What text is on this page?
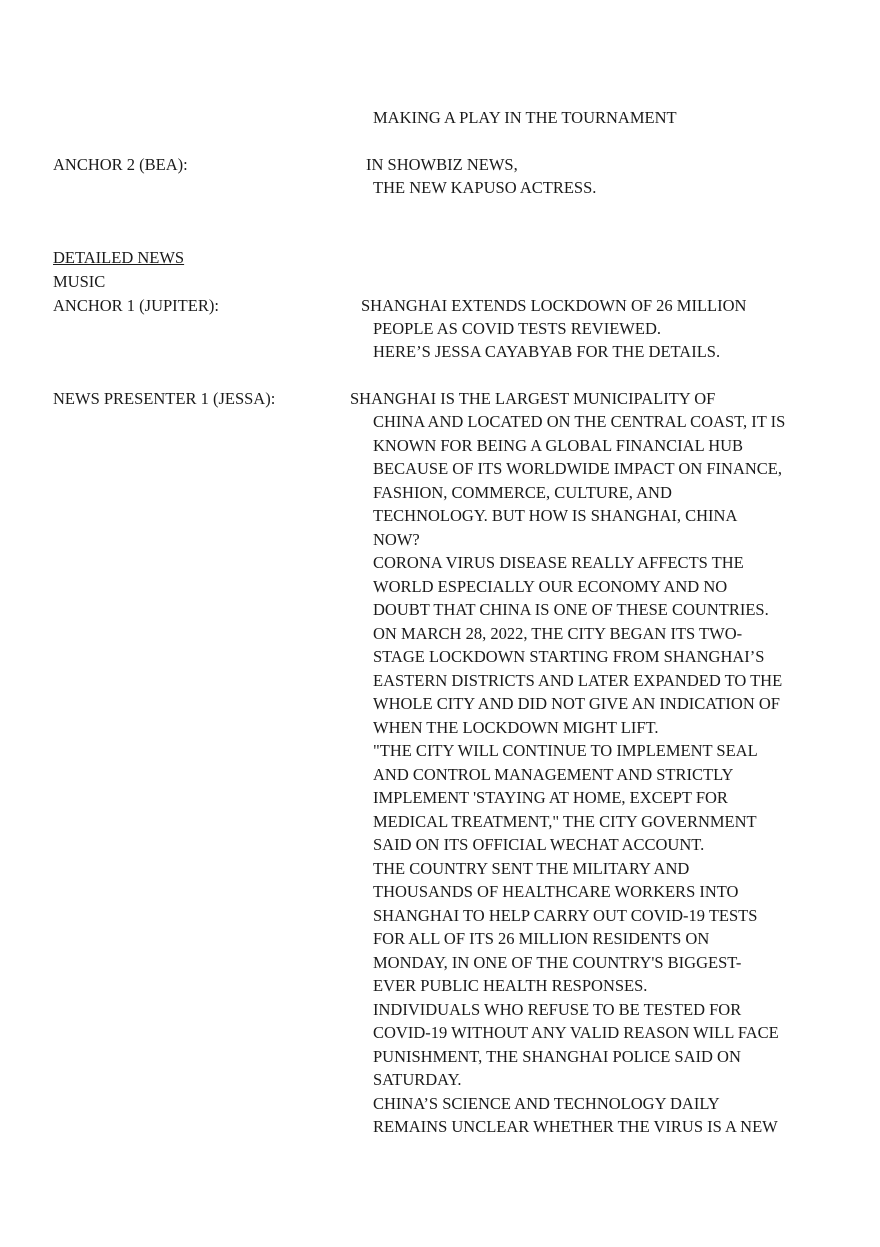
MAKING A PLAY IN THE TOURNAMENT
ANCHOR 2 (BEA):	IN SHOWBIZ NEWS,
THE NEW KAPUSO ACTRESS.
DETAILED NEWS
MUSIC
ANCHOR 1 (JUPITER):	SHANGHAI EXTENDS LOCKDOWN OF 26 MILLION
PEOPLE AS COVID TESTS REVIEWED.
HERE’S JESSA CAYABYAB FOR THE DETAILS.
NEWS PRESENTER 1 (JESSA):	SHANGHAI IS THE LARGEST MUNICIPALITY OF
CHINA AND LOCATED ON THE CENTRAL COAST, IT IS
KNOWN FOR BEING A GLOBAL FINANCIAL HUB
BECAUSE OF ITS WORLDWIDE IMPACT ON FINANCE,
FASHION, COMMERCE, CULTURE, AND
TECHNOLOGY. BUT HOW IS SHANGHAI, CHINA
NOW?
CORONA VIRUS DISEASE REALLY AFFECTS THE
WORLD ESPECIALLY OUR ECONOMY AND NO
DOUBT THAT CHINA IS ONE OF THESE COUNTRIES.
ON MARCH 28, 2022, THE CITY BEGAN ITS TWO-
STAGE LOCKDOWN STARTING FROM SHANGHAI’S
EASTERN DISTRICTS AND LATER EXPANDED TO THE
WHOLE CITY AND DID NOT GIVE AN INDICATION OF
WHEN THE LOCKDOWN MIGHT LIFT.
"THE CITY WILL CONTINUE TO IMPLEMENT SEAL
AND CONTROL MANAGEMENT AND STRICTLY
IMPLEMENT 'STAYING AT HOME, EXCEPT FOR
MEDICAL TREATMENT," THE CITY GOVERNMENT
SAID ON ITS OFFICIAL WECHAT ACCOUNT.
THE COUNTRY SENT THE MILITARY AND
THOUSANDS OF HEALTHCARE WORKERS INTO
SHANGHAI TO HELP CARRY OUT COVID-19 TESTS
FOR ALL OF ITS 26 MILLION RESIDENTS ON
MONDAY, IN ONE OF THE COUNTRY'S BIGGEST-
EVER PUBLIC HEALTH RESPONSES.
INDIVIDUALS WHO REFUSE TO BE TESTED FOR
COVID-19 WITHOUT ANY VALID REASON WILL FACE
PUNISHMENT, THE SHANGHAI POLICE SAID ON
SATURDAY.
CHINA’S SCIENCE AND TECHNOLOGY DAILY
REMAINS UNCLEAR WHETHER THE VIRUS IS A NEW
